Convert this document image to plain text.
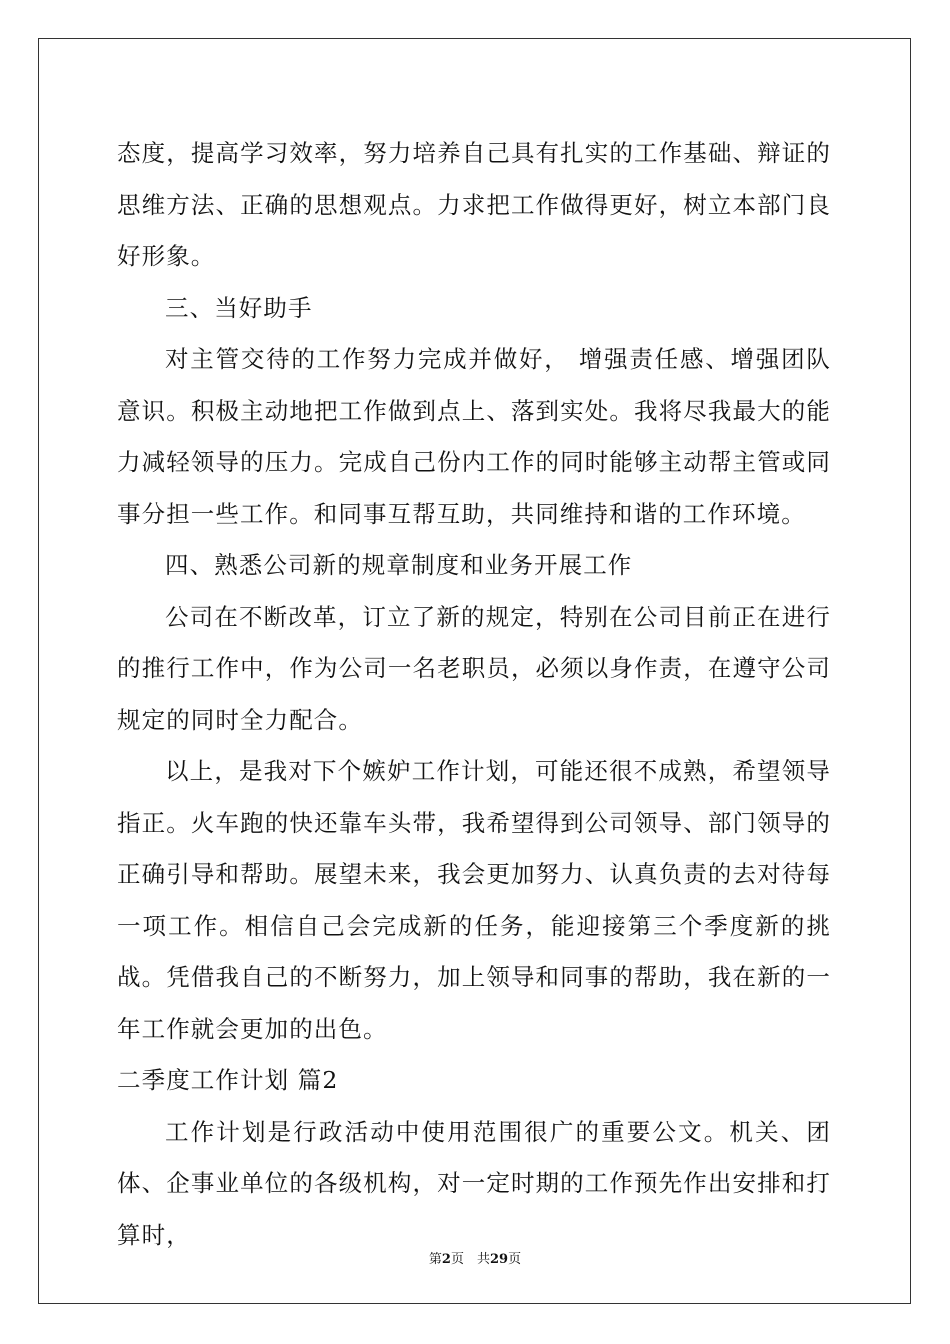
态度，提高学习效率，努力培养自己具有扎实的工作基础、辩证的思维方法、正确的思想观点。力求把工作做得更好，树立本部门良好形象。

三、当好助手

对主管交待的工作努力完成并做好， 增强责任感、增强团队意识。积极主动地把工作做到点上、落到实处。我将尽我最大的能力减轻领导的压力。完成自己份内工作的同时能够主动帮主管或同事分担一些工作。和同事互帮互助，共同维持和谐的工作环境。

四、熟悉公司新的规章制度和业务开展工作

公司在不断改革，订立了新的规定，特别在公司目前正在进行的推行工作中，作为公司一名老职员，必须以身作责，在遵守公司规定的同时全力配合。

以上，是我对下个嫉妒工作计划，可能还很不成熟，希望领导指正。火车跑的快还靠车头带，我希望得到公司领导、部门领导的正确引导和帮助。展望未来，我会更加努力、认真负责的去对待每一项工作。相信自己会完成新的任务，能迎接第三个季度新的挑战。凭借我自己的不断努力，加上领导和同事的帮助，我在新的一年工作就会更加的出色。

二季度工作计划 篇2

工作计划是行政活动中使用范围很广的重要公文。机关、团体、企事业单位的各级机构，对一定时期的工作预先作出安排和打算时，

第2页　共29页
